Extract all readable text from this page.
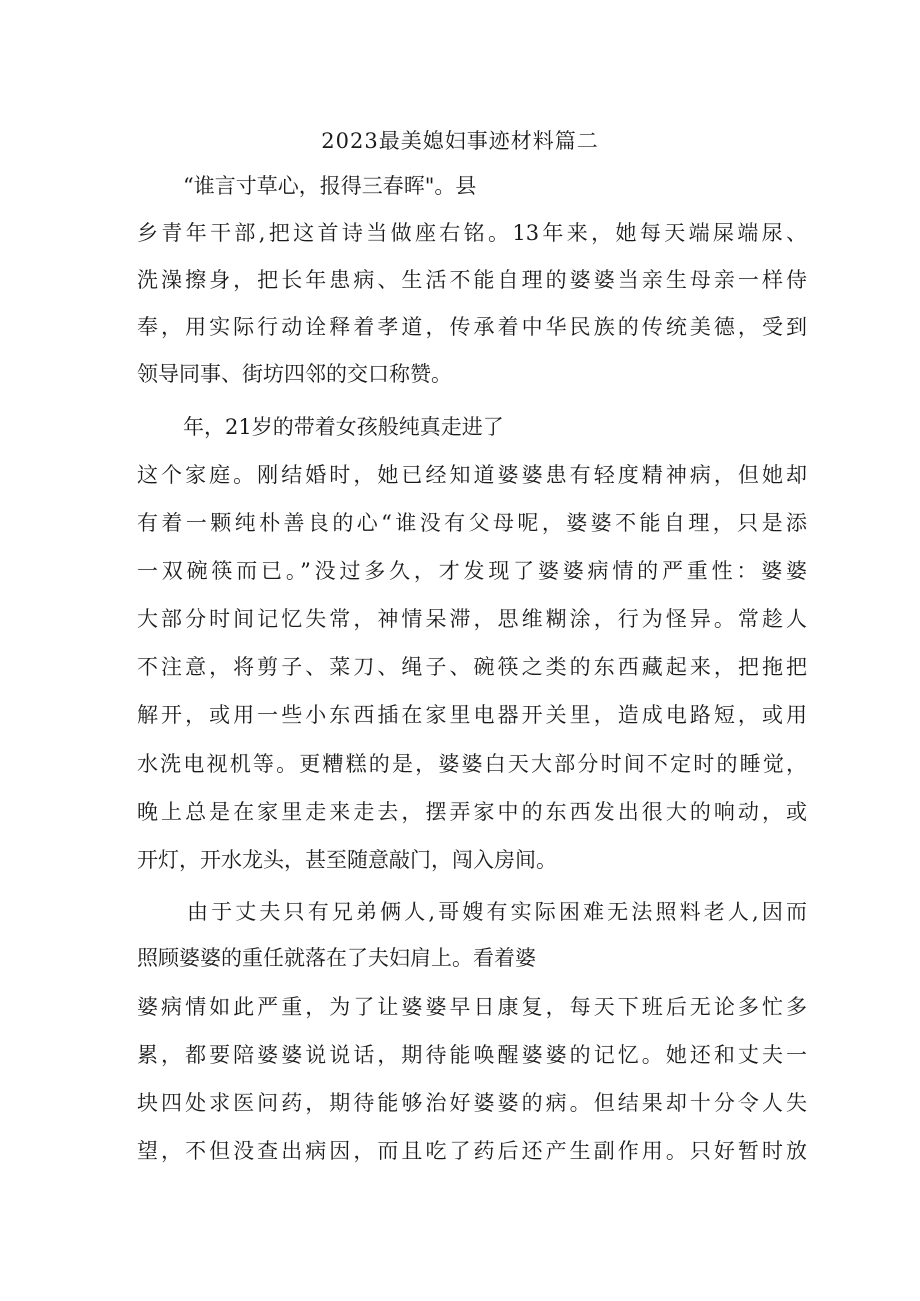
2023最美媳妇事迹材料篇二
“谁言寸草心，报得三春晖"。县
乡青年干部,把这首诗当做座右铭。13年来，她每天端屎端尿、
洗澡擦身，把长年患病、生活不能自理的婆婆当亲生母亲一样侍
奉，用实际行动诠释着孝道，传承着中华民族的传统美德，受到
领导同事、街坊四邻的交口称赞。
年，21岁的带着女孩般纯真走进了
这个家庭。刚结婚时，她已经知道婆婆患有轻度精神病，但她却
有着一颗纯朴善良的心“谁没有父母呢，婆婆不能自理，只是添
一双碗筷而已。”没过多久，才发现了婆婆病情的严重性：婆婆
大部分时间记忆失常，神情呆滞，思维糊涂，行为怪异。常趁人
不注意，将剪子、菜刀、绳子、碗筷之类的东西藏起来，把拖把
解开，或用一些小东西插在家里电器开关里，造成电路短，或用
水洗电视机等。更糟糕的是，婆婆白天大部分时间不定时的睡觉，
晚上总是在家里走来走去，摆弄家中的东西发出很大的响动，或
开灯，开水龙头，甚至随意敲门，闯入房间。
由于丈夫只有兄弟俩人,哥嫂有实际困难无法照料老人,因而
照顾婆婆的重任就落在了夫妇肩上。看着婆
婆病情如此严重，为了让婆婆早日康复，每天下班后无论多忙多
累，都要陪婆婆说说话，期待能唤醒婆婆的记忆。她还和丈夫一
块四处求医问药，期待能够治好婆婆的病。但结果却十分令人失
望，不但没查出病因，而且吃了药后还产生副作用。只好暂时放
